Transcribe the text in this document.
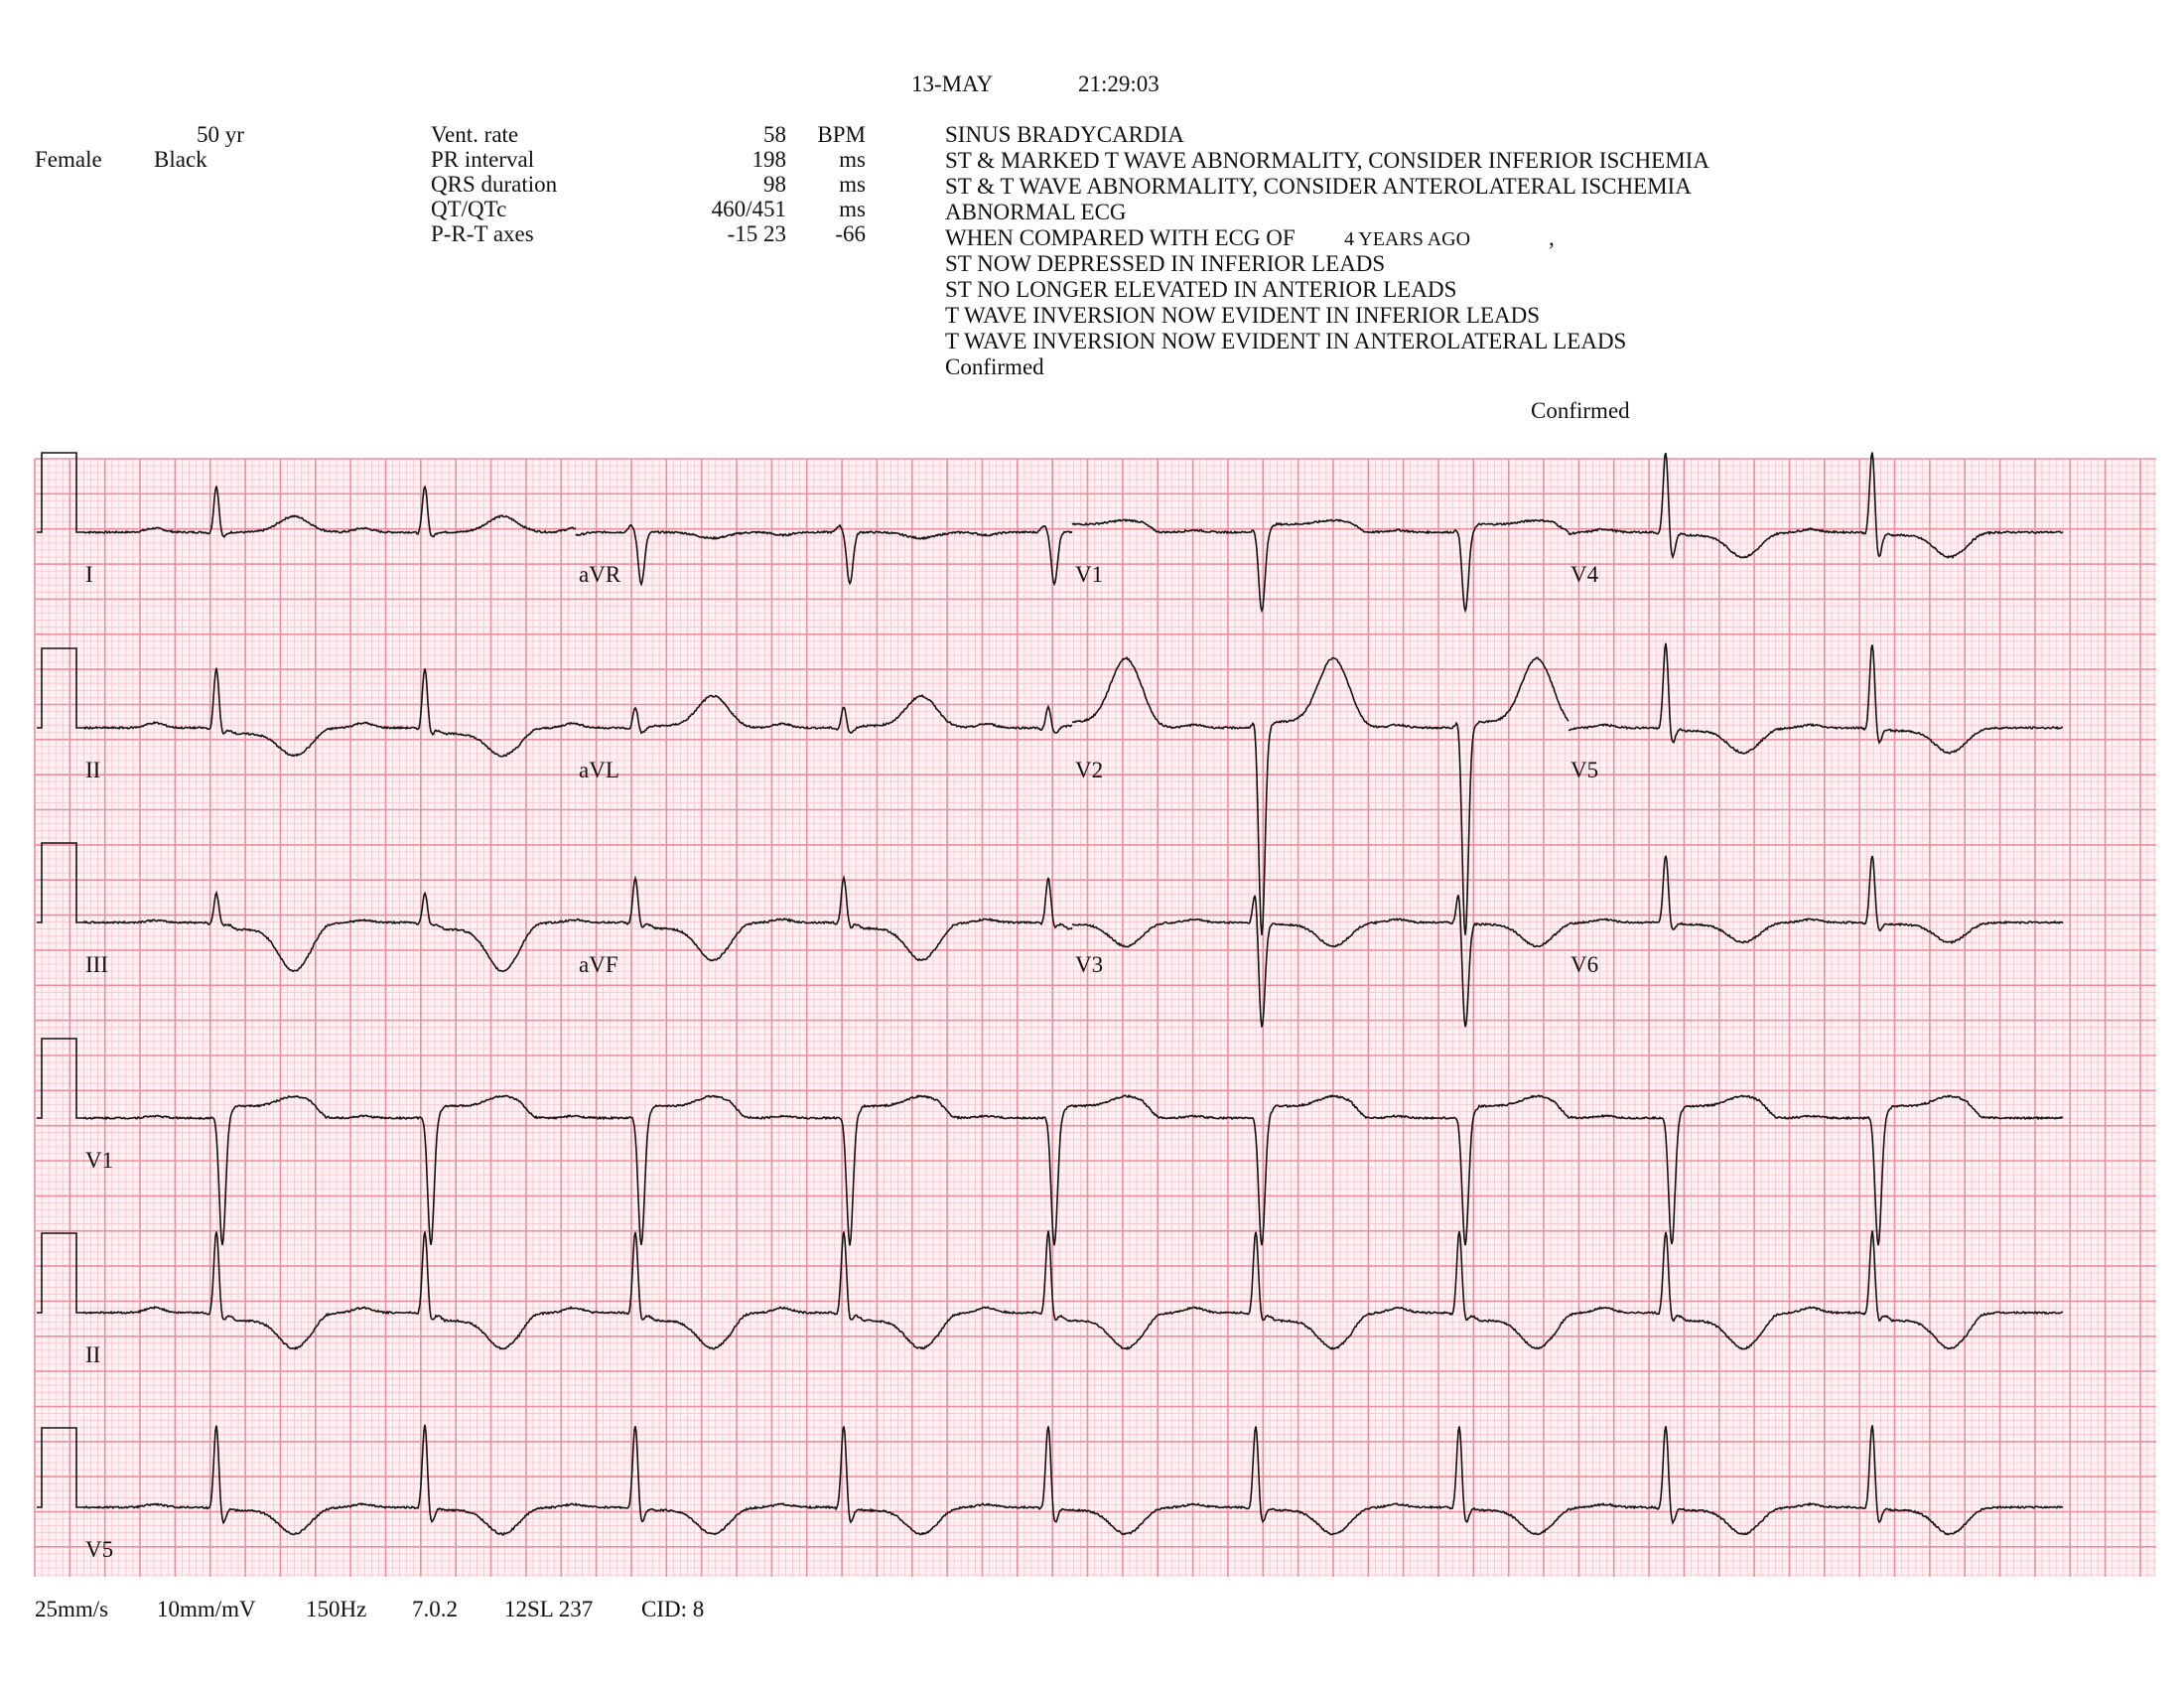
13-MAY	21:29:03
50 yr
Female Black
Vent. rate	58	BPM
PR interval	198	ms
QRS duration	98	ms
QT/QTc	460/451	ms
P-R-T axes	-15 23	-66
SINUS BRADYCARDIA
ST & MARKED T WAVE ABNORMALITY, CONSIDER INFERIOR ISCHEMIA
ST & T WAVE ABNORMALITY, CONSIDER ANTEROLATERAL ISCHEMIA
ABNORMAL ECG
WHEN COMPARED WITH ECG OF 4 YEARS AGO	,
ST NOW DEPRESSED IN INFERIOR LEADS
ST NO LONGER ELEVATED IN ANTERIOR LEADS
T WAVE INVERSION NOW EVIDENT IN INFERIOR LEADS
T WAVE INVERSION NOW EVIDENT IN ANTEROLATERAL LEADS
Confirmed
Confirmed
I	aVR	V1	V4
II	aVL	V2	V5
III	aVF	V3	V6
V1
II
V5
25mm/s 10mm/mV 150Hz 7.0.2 12SL 237 CID: 8
